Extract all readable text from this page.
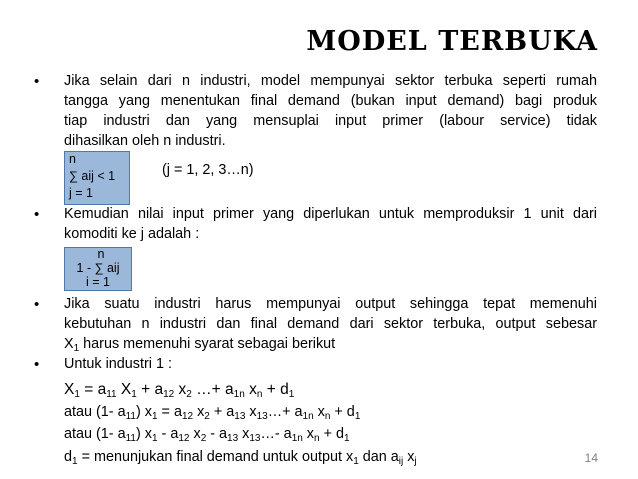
MODEL TERBUKA
• Jika selain dari n industri, model mempunyai sektor terbuka seperti rumah
tangga yang menentukan final demand (bukan input demand) bagi produk
tiap industri dan yang mensuplai input primer (labour service) tidak
dihasilkan oleh n industri.
n
∑ aij < 1
j = 1
(j = 1, 2, 3…n)
• Kemudian nilai input primer yang diperlukan untuk memproduksir 1 unit dari
komoditi ke j adalah :
n
1 - ∑ aij
i = 1
• Jika suatu industri harus mempunyai output sehingga tepat memenuhi
kebutuhan n industri dan final demand dari sektor terbuka, output sebesar
$X_1$ harus memenuhi syarat sebagai berikut
• Untuk industri 1 :
$X_1 = a_{11}$ $X_1 + a_{12}$ $x_2$ …+ $a_{1n}$ $x_n + d_1$
atau (1- $a_{11}$) $x_1 = a_{12}$ $x_2 + a_{13}$ $x_{13}\dots+ a_{1n}$ $x_n + d_1$
atau (1- $a_{11}$) $x_1 - a_{12}$ $x_2 - a_{13}$ $x_{13}\dots-$ $a_{1n}$ $x_n + d_1$
$d_1$ = menunjukan final demand untuk output $x_1$ dan $a_{ij}$ $x_j$	14
